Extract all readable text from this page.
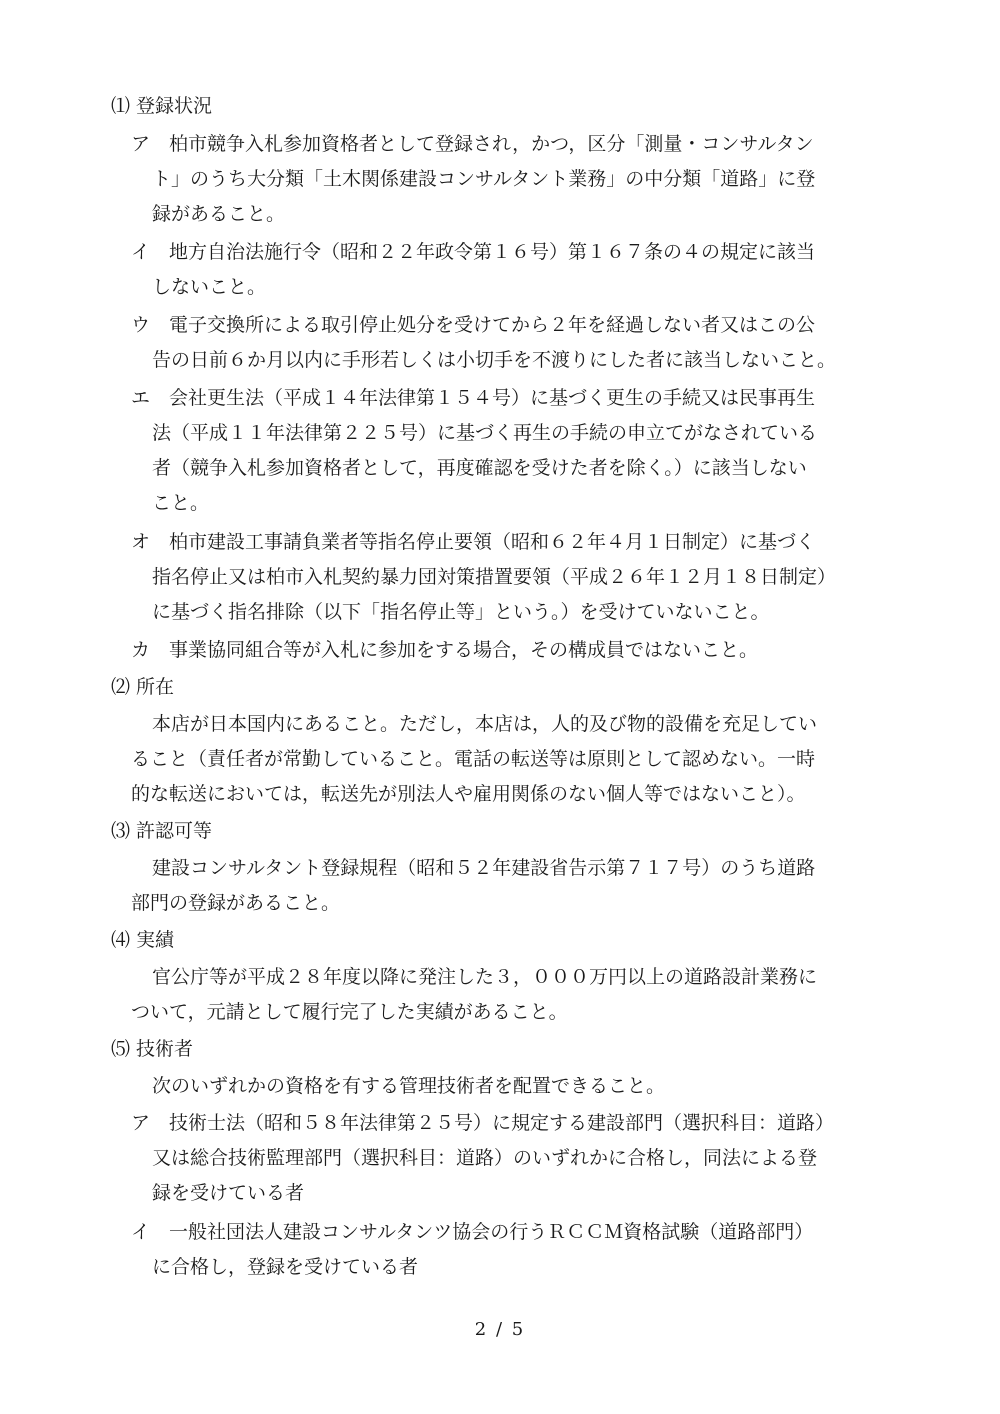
⑴ 登録状況
ア　柏市競争入札参加資格者として登録され，かつ，区分「測量・コンサルタン
ト」のうち大分類「土木関係建設コンサルタント業務」の中分類「道路」に登
録があること。
イ　地方自治法施行令（昭和２２年政令第１６号）第１６７条の４の規定に該当
しないこと。
ウ　電子交換所による取引停止処分を受けてから２年を経過しない者又はこの公
告の日前６か月以内に手形若しくは小切手を不渡りにした者に該当しないこと。
エ　会社更生法（平成１４年法律第１５４号）に基づく更生の手続又は民事再生
法（平成１１年法律第２２５号）に基づく再生の手続の申立てがなされている
者（競争入札参加資格者として，再度確認を受けた者を除く。）に該当しない
こと。
オ　柏市建設工事請負業者等指名停止要領（昭和６２年４月１日制定）に基づく
指名停止又は柏市入札契約暴力団対策措置要領（平成２６年１２月１８日制定）
に基づく指名排除（以下「指名停止等」という。）を受けていないこと。
カ　事業協同組合等が入札に参加をする場合，その構成員ではないこと。
⑵ 所在
本店が日本国内にあること。ただし，本店は，人的及び物的設備を充足してい
ること（責任者が常勤していること。電話の転送等は原則として認めない。一時
的な転送においては，転送先が別法人や雇用関係のない個人等ではないこと）。
⑶ 許認可等
建設コンサルタント登録規程（昭和５２年建設省告示第７１７号）のうち道路
部門の登録があること。
⑷ 実績
官公庁等が平成２８年度以降に発注した３，０００万円以上の道路設計業務に
ついて，元請として履行完了した実績があること。
⑸ 技術者
次のいずれかの資格を有する管理技術者を配置できること。
ア　技術士法（昭和５８年法律第２５号）に規定する建設部門（選択科目：道路）
又は総合技術監理部門（選択科目：道路）のいずれかに合格し，同法による登
録を受けている者
イ　一般社団法人建設コンサルタンツ協会の行うＲＣＣＭ資格試験（道路部門）
に合格し，登録を受けている者
2 / 5
